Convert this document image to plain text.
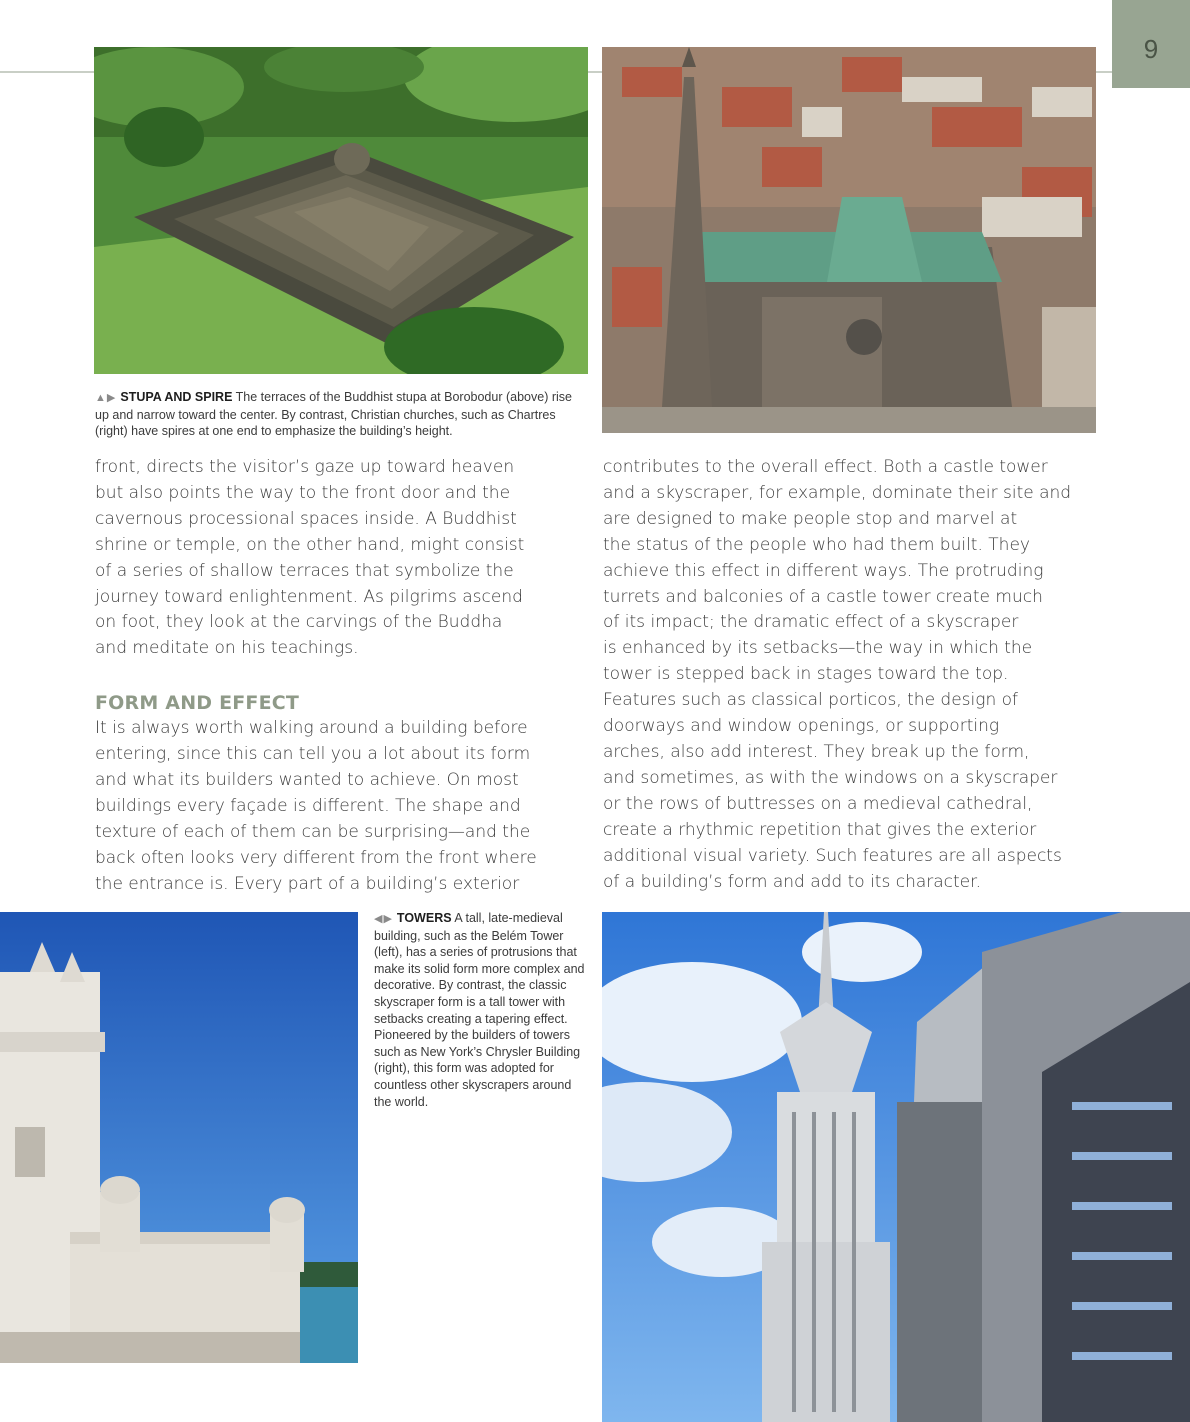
9
▲▶ STUPA AND SPIRE The terraces of the Buddhist stupa at Borobodur (above) rise up and narrow toward the center. By contrast, Christian churches, such as Chartres (right) have spires at one end to emphasize the building’s height.

front, directs the visitor’s gaze up toward heaven
but also points the way to the front door and the
cavernous processional spaces inside. A Buddhist
shrine or temple, on the other hand, might consist
of a series of shallow terraces that symbolize the
journey toward enlightenment. As pilgrims ascend
on foot, they look at the carvings of the Buddha
and meditate on his teachings.

FORM AND EFFECT

It is always worth walking around a building before
entering, since this can tell you a lot about its form
and what its builders wanted to achieve. On most
buildings every façade is different. The shape and
texture of each of them can be surprising—and the
back often looks very different from the front where
the entrance is. Every part of a building’s exterior

contributes to the overall effect. Both a castle tower
and a skyscraper, for example, dominate their site and
are designed to make people stop and marvel at
the status of the people who had them built. They
achieve this effect in different ways. The protruding
turrets and balconies of a castle tower create much
of its impact; the dramatic effect of a skyscraper
is enhanced by its setbacks—the way in which the
tower is stepped back in stages toward the top.
Features such as classical porticos, the design of
doorways and window openings, or supporting
arches, also add interest. They break up the form,
and sometimes, as with the windows on a skyscraper
or the rows of buttresses on a medieval cathedral,
create a rhythmic repetition that gives the exterior
additional visual variety. Such features are all aspects
of a building’s form and add to its character.

◀▶ TOWERS A tall, late-medieval building, such as the Belém Tower (left), has a series of protrusions that make its solid form more complex and decorative. By contrast, the classic skyscraper form is a tall tower with setbacks creating a tapering effect. Pioneered by the builders of towers such as New York’s Chrysler Building (right), this form was adopted for countless other skyscrapers around the world.
